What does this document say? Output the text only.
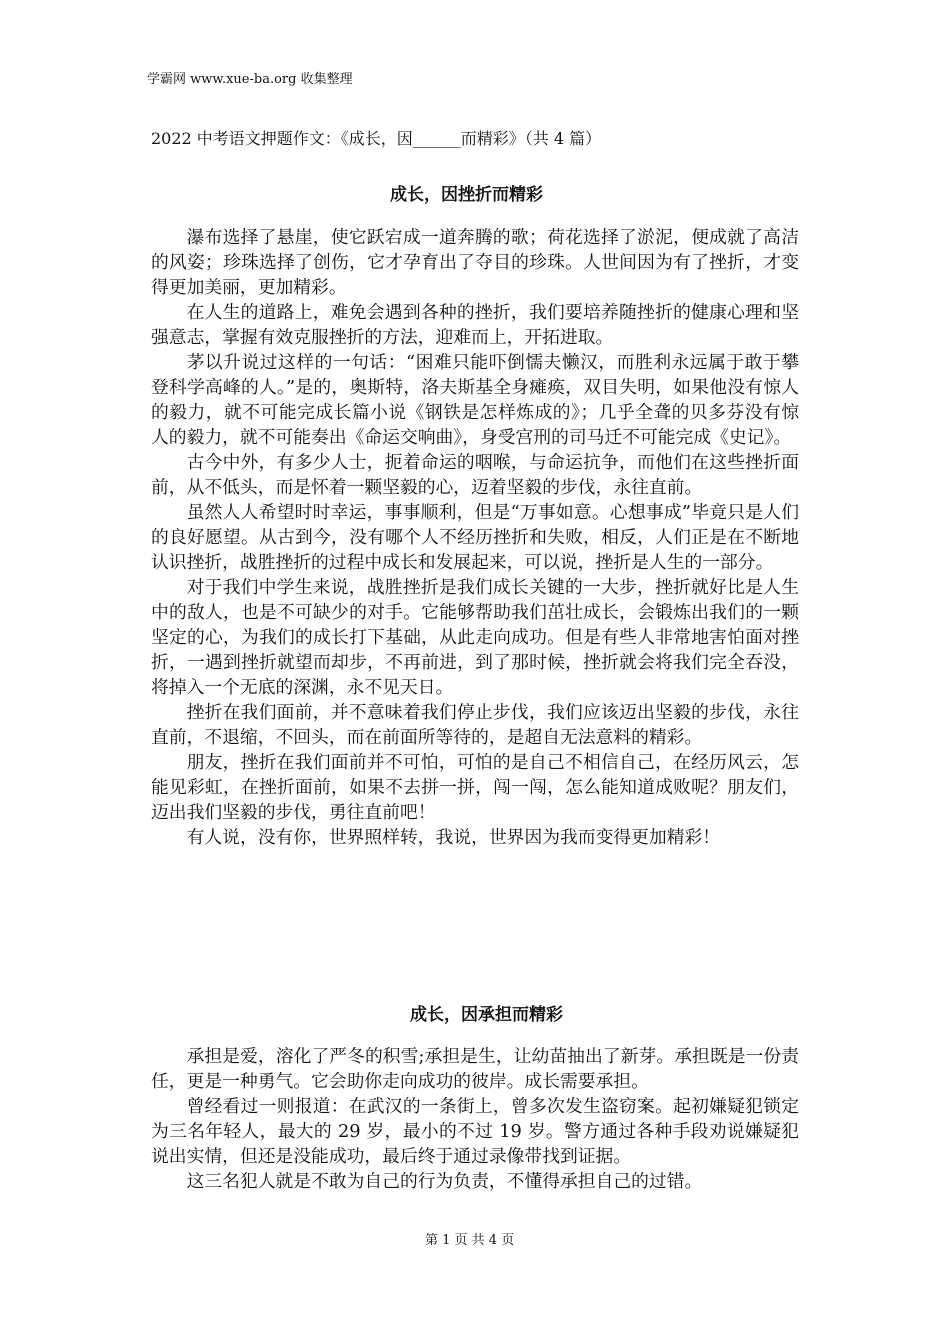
学霸网 www.xue-ba.org 收集整理
2022 中考语文押题作文：《成长，因______而精彩》（共 4 篇）
成长，因挫折而精彩

瀑布选择了悬崖，使它跃宕成一道奔腾的歌；荷花选择了淤泥，便成就了高洁的风姿；珍珠选择了创伤，它才孕育出了夺目的珍珠。人世间因为有了挫折，才变得更加美丽，更加精彩。

在人生的道路上，难免会遇到各种的挫折，我们要培养随挫折的健康心理和坚强意志，掌握有效克服挫折的方法，迎难而上，开拓进取。

茅以升说过这样的一句话：“困难只能吓倒懦夫懒汉，而胜利永远属于敢于攀登科学高峰的人。”是的，奥斯特，洛夫斯基全身瘫痪，双目失明，如果他没有惊人的毅力，就不可能完成长篇小说《钢铁是怎样炼成的》；几乎全聋的贝多芬没有惊人的毅力，就不可能奏出《命运交响曲》，身受宫刑的司马迁不可能完成《史记》。

古今中外，有多少人士，扼着命运的咽喉，与命运抗争，而他们在这些挫折面前，从不低头，而是怀着一颗坚毅的心，迈着坚毅的步伐，永往直前。

虽然人人希望时时幸运，事事顺利，但是“万事如意。心想事成”毕竟只是人们的良好愿望。从古到今，没有哪个人不经历挫折和失败，相反，人们正是在不断地认识挫折，战胜挫折的过程中成长和发展起来，可以说，挫折是人生的一部分。

对于我们中学生来说，战胜挫折是我们成长关键的一大步，挫折就好比是人生中的敌人，也是不可缺少的对手。它能够帮助我们茁壮成长，会锻炼出我们的一颗坚定的心，为我们的成长打下基础，从此走向成功。但是有些人非常地害怕面对挫折，一遇到挫折就望而却步，不再前进，到了那时候，挫折就会将我们完全吞没，将掉入一个无底的深渊，永不见天日。

挫折在我们面前，并不意味着我们停止步伐，我们应该迈出坚毅的步伐，永往直前，不退缩，不回头，而在前面所等待的，是超自无法意料的精彩。

朋友，挫折在我们面前并不可怕，可怕的是自己不相信自己，在经历风云，怎能见彩虹，在挫折面前，如果不去拼一拼，闯一闯，怎么能知道成败呢？朋友们，迈出我们坚毅的步伐，勇往直前吧！

有人说，没有你，世界照样转，我说，世界因为我而变得更加精彩！

成长，因承担而精彩

承担是爱，溶化了严冬的积雪;承担是生，让幼苗抽出了新芽。承担既是一份责任，更是一种勇气。它会助你走向成功的彼岸。成长需要承担。

曾经看过一则报道：在武汉的一条街上，曾多次发生盗窃案。起初嫌疑犯锁定为三名年轻人，最大的 29 岁，最小的不过 19 岁。警方通过各种手段劝说嫌疑犯说出实情，但还是没能成功，最后终于通过录像带找到证据。

这三名犯人就是不敢为自己的行为负责，不懂得承担自己的过错。

第 1 页 共 4 页
